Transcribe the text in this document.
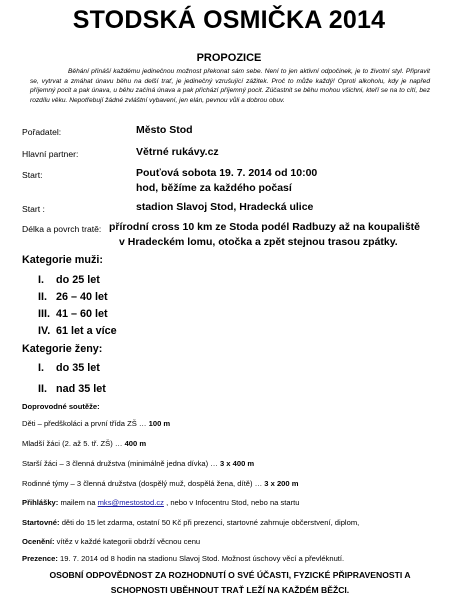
STODSKÁ OSMIČKA 2014
PROPOZICE
Běhání přináší každému jedinečnou možnost překonat sám sebe. Není to jen aktivní odpočinek, je to životní styl. Připravit se, vytrvat a zmáhat únavu běhu na delší trať, je jedinečný vzrušující zážitek. Proč to může každý! Oproti alkoholu, kdy je napřed příjemný pocit a pak únava, u běhu začíná únava a pak přichází příjemný pocit. Zúčastnit se běhu mohou všichni, kteří se na to cítí, bez rozdílu věku. Nepotřebují žádné zvláštní vybavení, jen elán, pevnou vůli a dobrou obuv.
Pořadatel:	Město Stod
Hlavní partner:	Větrné rukávy.cz
Start:	Pouťová sobota 19. 7. 2014 od 10:00
hod, běžíme za každého počasí
Start :	stadion Slavoj Stod, Hradecká ulice
Délka a povrch tratě: přírodní cross 10 km ze Stoda podél Radbuzy až na koupaliště
v Hradeckém lomu, otočka a zpět stejnou trasou zpátky.
Kategorie muži:
I. do 25 let
II. 26 – 40 let
III. 41 – 60 let
IV. 61 let a více
Kategorie ženy:
I. do 35 let
II. nad 35 let
Doprovodné soutěže:
Děti – předškoláci a první třída ZŠ … 100 m
Mladší žáci (2. až 5. tř. ZŠ) … 400 m
Starší žáci – 3 členná družstva (minimálně jedna dívka) … 3 x 400 m
Rodinné týmy – 3 členná družstva (dospělý muž, dospělá žena, dítě) … 3 x 200 m
Přihlášky: mailem na mks@mestostod.cz , nebo v Infocentru Stod, nebo na startu
Startovné: děti do 15 let zdarma, ostatní 50 Kč při prezenci, startovné zahrnuje občerstvení, diplom,
Ocenění: vítěz v každé kategorii obdrží věcnou cenu
Prezence: 19. 7. 2014 od 8 hodin na stadionu Slavoj Stod. Možnost úschovy věcí a převléknutí.
OSOBNÍ ODPOVĚDNOST ZA ROZHODNUTÍ O SVÉ ÚČASTI, FYZICKÉ PŘIPRAVENOSTI A
SCHOPNOSTI UBĚHNOUT TRAŤ LEŽÍ NA KAŽDÉM BĚŽCI.
